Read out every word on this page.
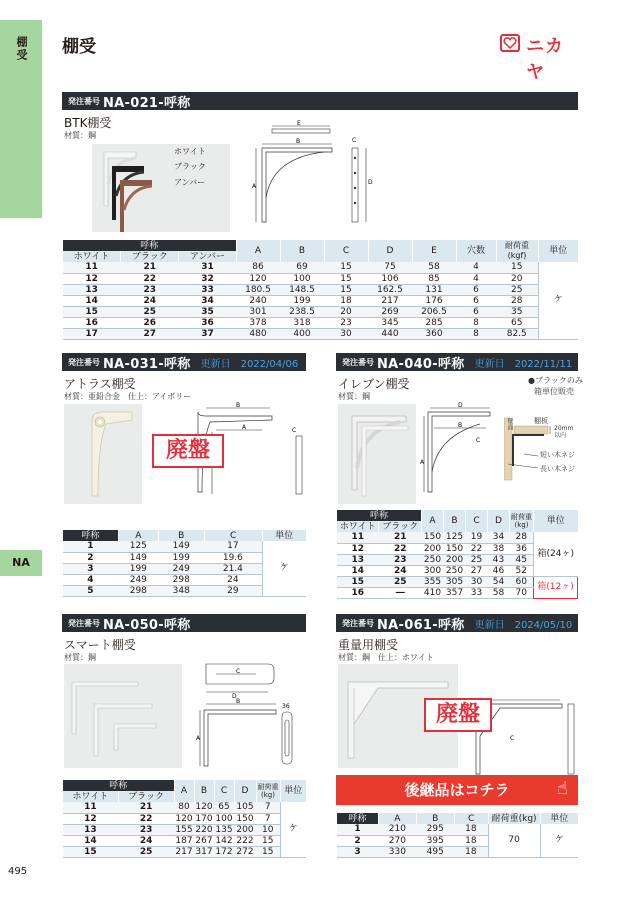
棚受
NA
棚受	ニカヤ
発注番号 NA-021-呼称
BTK棚受
材質：鋼
ホワイト
ブラック
アンバー
E
B
A
D
C
呼称			A	B	C	D	E	穴数	耐荷重
(kgf)	単位
ホワイト	ブラック	アンバー								
11	21	31	86	69	15	75	58	4	15	ケ
12	22	32	120	100	15	106	85	4	20	
13	23	33	180.5	148.5	15	162.5	131	6	25	
14	24	34	240	199	18	217	176	6	28	
15	25	35	301	238.5	20	269	206.5	6	35	
16	26	36	378	318	23	345	285	8	65	
17	27	37	480	400	30	440	360	8	82.5	
発注番号 NA-031-呼称 更新日　2022/04/06
アトラス棚受
材質：亜鉛合金　仕上：アイボリー
B
A	C
廃盤
呼称	A	B	C	単位
1	125	149	17	ケ
2	149	199	19.6	
3	199	249	21.4	
4	249	298	24	
5	298	348	29	
発注番号 NA-040-呼称 更新日　2022/11/11
イレブン棚受
材質：鋼
●ブラックのみ
箱単位販売
D
B
A
C
壁面	棚板
20mm
以内
短い木ネジ
長い木ネジ
呼称		A	B	C	D	耐荷重
(kg)	単位
ホワイト	ブラック						
11	21	150	125	19	34	28	箱(24ヶ)
12	22	200	150	22	38	36	
13	23	250	200	25	43	45	
14	24	300	250	27	46	52	
15	25	355	305	30	54	60	箱(12ヶ)
16	―	410	357	33	58	70	
発注番号 NA-050-呼称
スマート棚受
材質：鋼
C
D
B
A
36
呼称		A	B	C	D	耐荷重
(kg)	単位
ホワイト	ブラック						
11	21	80	120	65	105	7	ケ
12	22	120	170	100	150	7	
13	23	155	220	135	200	10	
14	24	187	267	142	222	15	
15	25	217	317	172	272	15	
発注番号 NA-061-呼称 更新日　2024/05/10
重量用棚受
材質：鋼　仕上：ホワイト
C
廃盤
後継品はコチラ	☝
呼称	A	B	C	耐荷重(kg)	単位
1	210	295	18	70	ケ
2	270	395	18		
3	330	495	18		
495
